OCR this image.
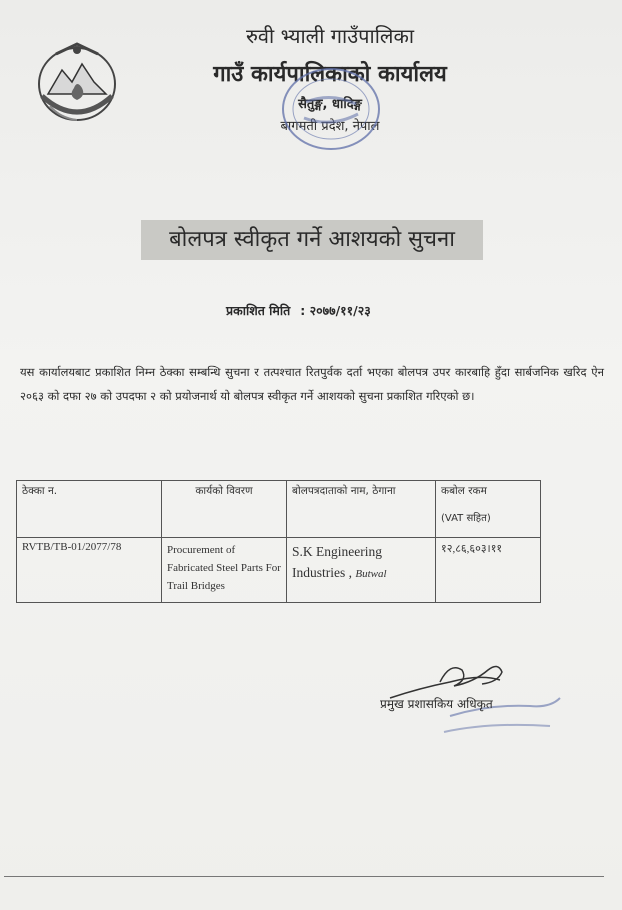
रुवी भ्याली गाउँपालिका
गाउँ कार्यपालिकाको कार्यालय
सैतुङ्ग, धादिङ्ग
बागमती प्रदेश, नेपाल
बोलपत्र स्वीकृत गर्ने आशयको सुचना
प्रकाशित मिति : २०७७/११/२३
यस कार्यालयबाट प्रकाशित निम्न ठेक्का सम्बन्धि सुचना र तत्पश्चात रितपुर्वक दर्ता भएका बोलपत्र उपर कारबाहि हुँदा सार्बजनिक खरिद ऐन २०६३ को दफा २७ को उपदफा २ को प्रयोजनार्थ यो बोलपत्र स्वीकृत गर्ने आशयको सुचना प्रकाशित गरिएको छ।
ठेक्का न.	कार्यको विवरण	बोलपत्रदाताको नाम, ठेगाना	कबोल रकम
(VAT सहित)

RVTB/TB-01/2077/78	Procurement of Fabricated Steel Parts For Trail Bridges	S.K Engineering Industries , Butwal	१२,८६,६०३।११
प्रमुख प्रशासकिय अधिकृत
